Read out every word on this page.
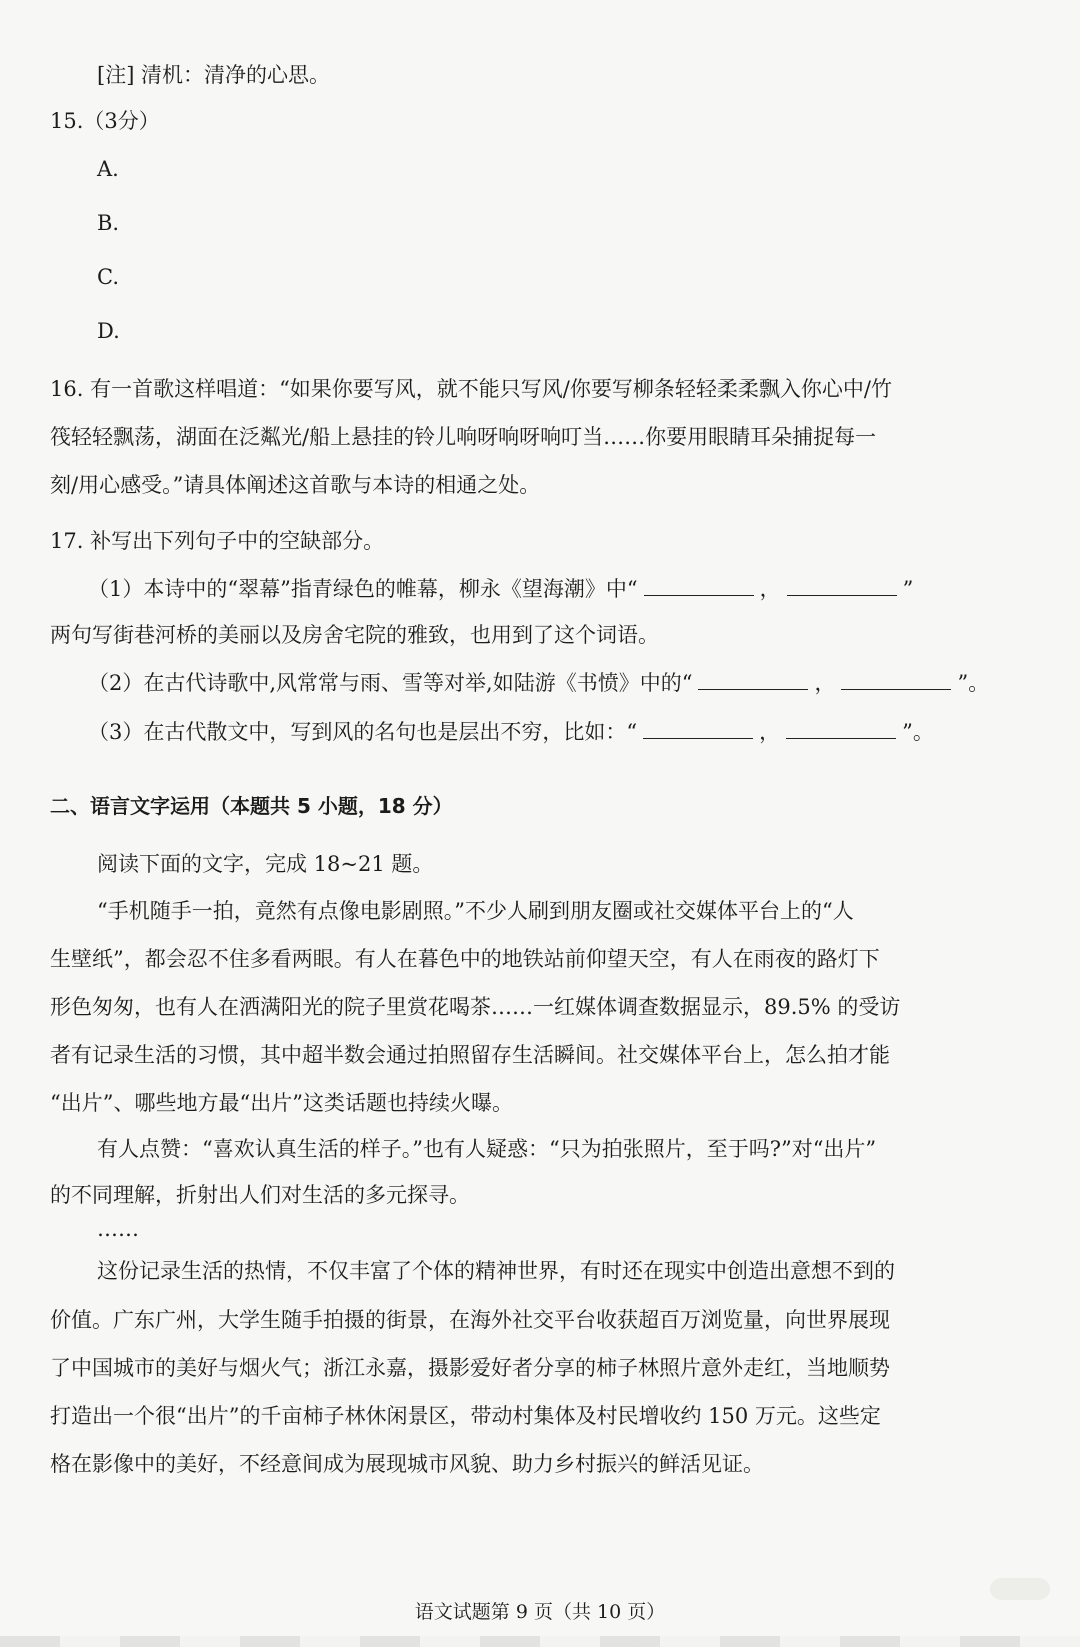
[注] 清机：清净的心思。
15.（3分）
A.
B.
C.
D.
16. 有一首歌这样唱道：“如果你要写风，就不能只写风/你要写柳条轻轻柔柔飘入你心中/竹
筏轻轻飘荡，湖面在泛粼光/船上悬挂的铃儿响呀响呀响叮当……你要用眼睛耳朵捕捉每一
刻/用心感受。”请具体阐述这首歌与本诗的相通之处。
17. 补写出下列句子中的空缺部分。
（1）本诗中的“翠幕”指青绿色的帷幕，柳永《望海潮》中“	，	”
两句写街巷河桥的美丽以及房舍宅院的雅致，也用到了这个词语。
（2）在古代诗歌中,风常常与雨、雪等对举,如陆游《书愤》中的“	，	”。
（3）在古代散文中，写到风的名句也是层出不穷，比如：“	，	”。
二、语言文字运用（本题共 5 小题，18 分）
阅读下面的文字，完成 18~21 题。
“手机随手一拍，竟然有点像电影剧照。”不少人刷到朋友圈或社交媒体平台上的“人
生壁纸”，都会忍不住多看两眼。有人在暮色中的地铁站前仰望天空，有人在雨夜的路灯下
形色匆匆，也有人在洒满阳光的院子里赏花喝茶……一红媒体调查数据显示，89.5% 的受访
者有记录生活的习惯，其中超半数会通过拍照留存生活瞬间。社交媒体平台上，怎么拍才能
“出片”、哪些地方最“出片”这类话题也持续火曝。
有人点赞：“喜欢认真生活的样子。”也有人疑惑：“只为拍张照片，至于吗?”对“出片”
的不同理解，折射出人们对生活的多元探寻。
……
这份记录生活的热情，不仅丰富了个体的精神世界，有时还在现实中创造出意想不到的
价值。广东广州，大学生随手拍摄的街景，在海外社交平台收获超百万浏览量，向世界展现
了中国城市的美好与烟火气；浙江永嘉，摄影爱好者分享的柿子林照片意外走红，当地顺势
打造出一个很“出片”的千亩柿子林休闲景区，带动村集体及村民增收约 150 万元。这些定
格在影像中的美好，不经意间成为展现城市风貌、助力乡村振兴的鲜活见证。
语文试题第 9 页（共 10 页）
